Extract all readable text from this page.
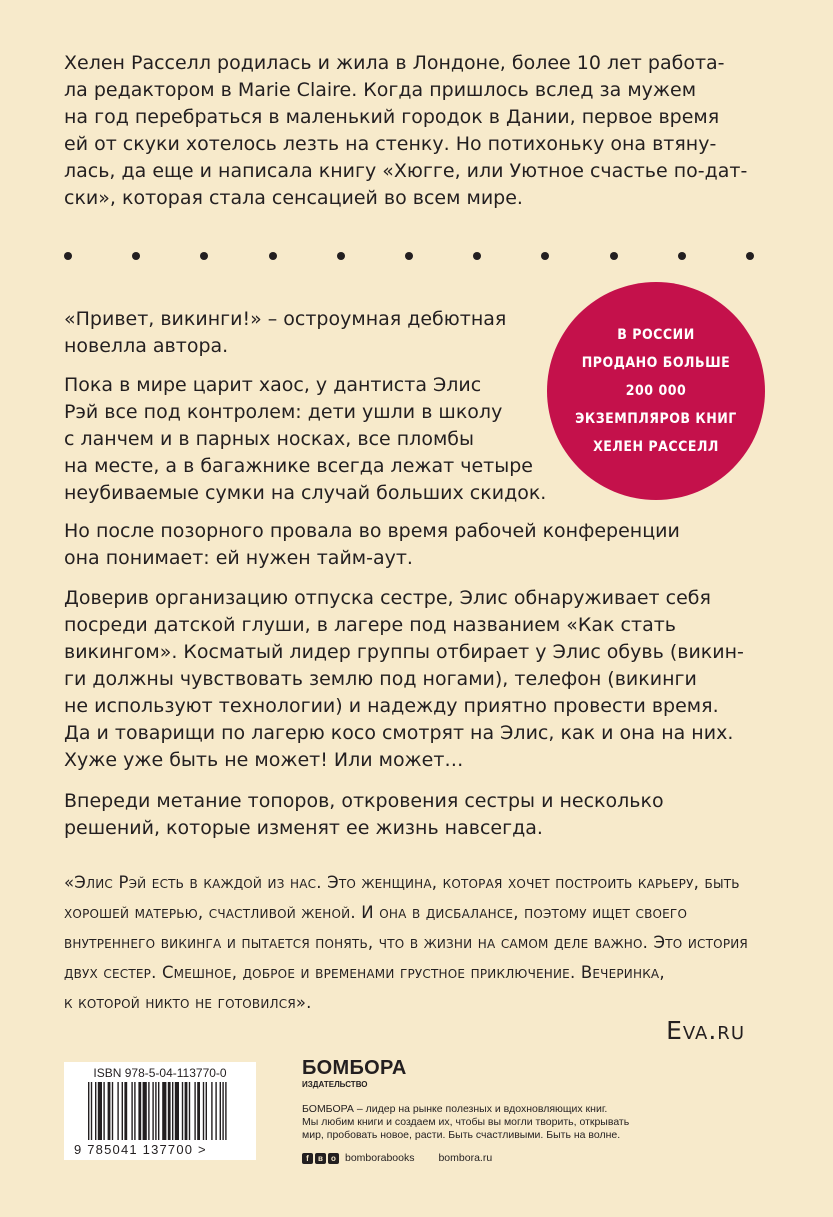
Хелен Расселл родилась и жила в Лондоне, более 10 лет работа-
ла редактором в Marie Claire. Когда пришлось вслед за мужем
на год перебраться в маленький городок в Дании, первое время
ей от скуки хотелось лезть на стенку. Но потихоньку она втяну-
лась, да еще и написала книгу «Хюгге, или Уютное счастье по-дат-
ски», которая стала сенсацией во всем мире.
«Привет, викинги!» – остроумная дебютная
новелла автора.
Пока в мире царит хаос, у дантиста Элис
Рэй все под контролем: дети ушли в школу
с ланчем и в парных носках, все пломбы
на месте, а в багажнике всегда лежат четыре
неубиваемые сумки на случай больших скидок.
Но после позорного провала во время рабочей конференции
она понимает: ей нужен тайм-аут.
Доверив организацию отпуска сестре, Элис обнаруживает себя
посреди датской глуши, в лагере под названием «Как стать
викингом». Косматый лидер группы отбирает у Элис обувь (викин-
ги должны чувствовать землю под ногами), телефон (викинги
не используют технологии) и надежду приятно провести время.
Да и товарищи по лагерю косо смотрят на Элис, как и она на них.
Хуже уже быть не может! Или может…
Впереди метание топоров, откровения сестры и несколько
решений, которые изменят ее жизнь навсегда.
В РОССИИ
ПРОДАНО БОЛЬШЕ
200 000
ЭКЗЕМПЛЯРОВ КНИГ
ХЕЛЕН РАССЕЛЛ
«Элис Рэй есть в каждой из нас. Это женщина, которая хочет построить карьеру, быть
хорошей матерью, счастливой женой. И она в дисбалансе, поэтому ищет своего
внутреннего викинга и пытается понять, что в жизни на самом деле важно. Это история
двух сестер. Смешное, доброе и временами грустное приключение. Вечеринка,
к которой никто не готовился».
Eva.ru
ISBN 978-5-04-113770-0
9 785041 137700 >
БОМБОРА
ИЗДАТЕЛЬСТВО
БОМБОРА – лидер на рынке полезных и вдохновляющих книг.
Мы любим книги и создаем их, чтобы вы могли творить, открывать
мир, пробовать новое, расти. Быть счастливыми. Быть на волне.
f	в	о bomborabooks bombora.ru
